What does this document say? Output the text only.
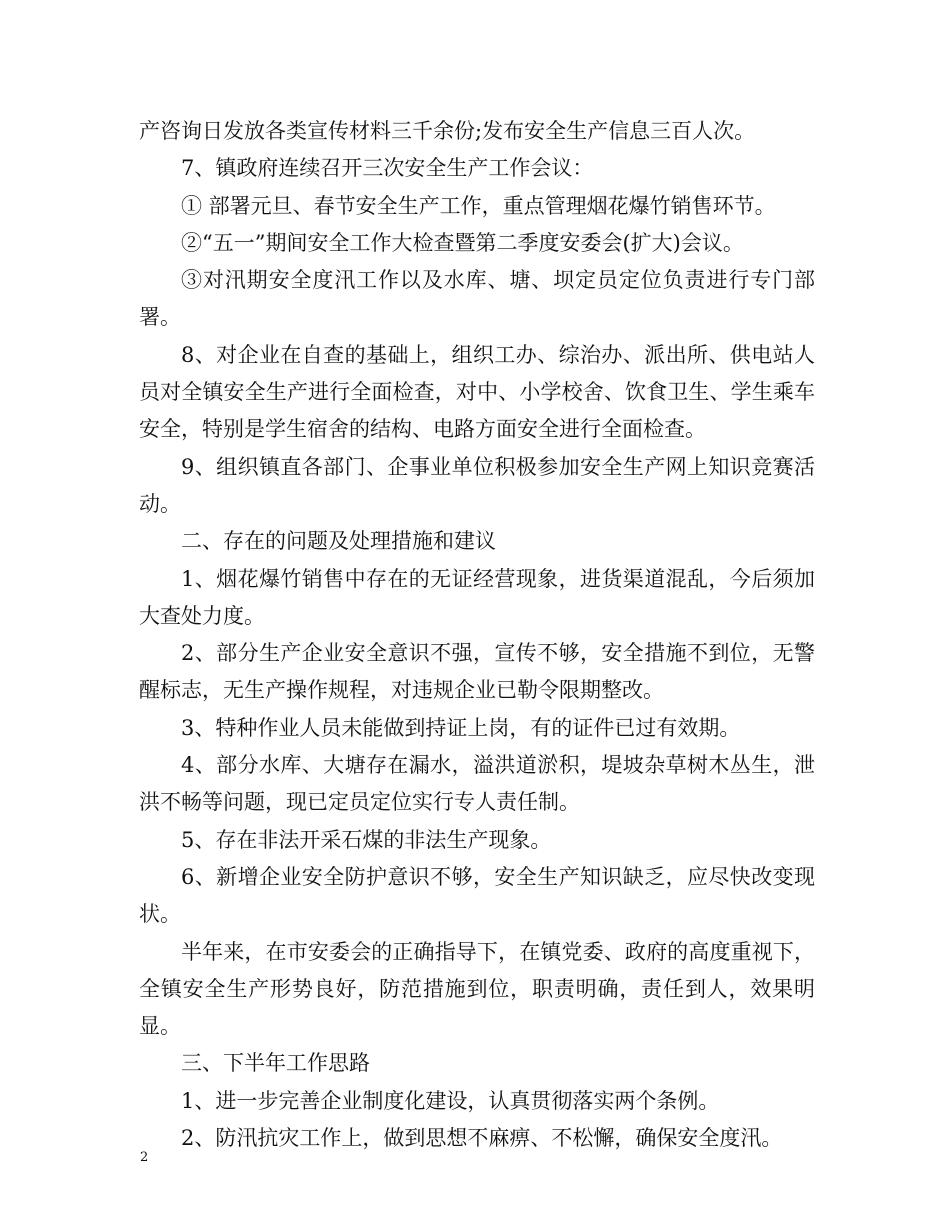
产咨询日发放各类宣传材料三千余份;发布安全生产信息三百人次。

7、镇政府连续召开三次安全生产工作会议：

① 部署元旦、春节安全生产工作，重点管理烟花爆竹销售环节。

②“五一”期间安全工作大检查暨第二季度安委会(扩大)会议。

③对汛期安全度汛工作以及水库、塘、坝定员定位负责进行专门部署。

8、对企业在自查的基础上，组织工办、综治办、派出所、供电站人员对全镇安全生产进行全面检查，对中、小学校舍、饮食卫生、学生乘车安全，特别是学生宿舍的结构、电路方面安全进行全面检查。

9、组织镇直各部门、企事业单位积极参加安全生产网上知识竞赛活动。

二、存在的问题及处理措施和建议

1、烟花爆竹销售中存在的无证经营现象，进货渠道混乱，今后须加大查处力度。

2、部分生产企业安全意识不强，宣传不够，安全措施不到位，无警醒标志，无生产操作规程，对违规企业已勒令限期整改。

3、特种作业人员未能做到持证上岗，有的证件已过有效期。

4、部分水库、大塘存在漏水，溢洪道淤积，堤坡杂草树木丛生，泄洪不畅等问题，现已定员定位实行专人责任制。

5、存在非法开采石煤的非法生产现象。

6、新增企业安全防护意识不够，安全生产知识缺乏，应尽快改变现状。

半年来，在市安委会的正确指导下，在镇党委、政府的高度重视下，全镇安全生产形势良好，防范措施到位，职责明确，责任到人，效果明显。

三、下半年工作思路

1、进一步完善企业制度化建设，认真贯彻落实两个条例。

2、防汛抗灾工作上，做到思想不麻痹、不松懈，确保安全度汛。

2
